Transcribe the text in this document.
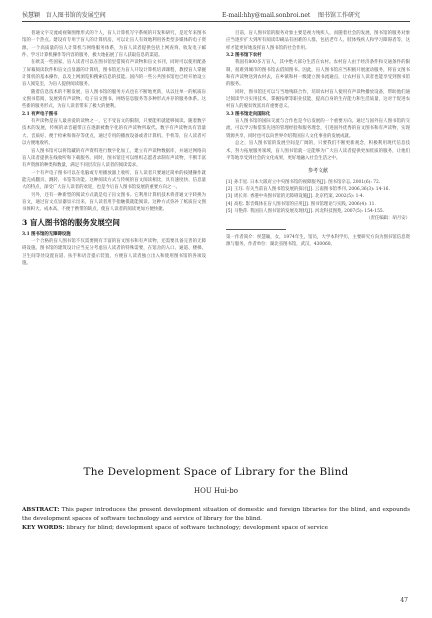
侯慧颖 盲人图书馆的发展空间	E-mail:hhy@mail.sonbroi.net 图书馆工作研究

普通文字交流或视频图像形式的个人，盲人计算机写字系统的开发和研究，是近年来图书馆的一个热点。建设有专用于盲人的计算机房，可以让盲人有效地利用各类型多媒体的电子资源。一个高质量的盲人计算机与网络服务体系，为盲人读者提供包括上网查询、收发电子邮件、学习计算机操作等内容的服务，极大地拓展了盲人获取信息的渠道。

在欧美一些国家，盲人读者可以在图书馆里借阅有声读物和盲文书刊，同时可以使用配备了屏幕阅读软件和盲文点显器的计算机，图书馆还为盲人开设计算机培训课程，教授盲人掌握计算机的基本操作，以及上网浏览和搜索信息的技能。国内的一些公共图书馆也已经开始设立盲人阅览室，为盲人提供阅读服务。

随着信息技术的不断发展，盲人图书馆的服务方式也在不断地更新，从以往单一的纸质盲文图书借阅，发展到有声读物、电子盲文图书、网络信息服务等多种形式并存的服务体系。这些新的服务形式，为盲人读者带来了极大的便利。

2.1 有声电子图书

有声读物是盲人最喜爱的读物之一，它不受盲文的限制，只要能听就能够阅读。随着数字技术的发展，传统的录音磁带正在逐渐被数字化的有声读物所取代。数字有声读物具有容量大、音质好、便于检索和保存等优点，通过专用的播放设备或者计算机、手机等，盲人读者可以方便地收听。

盲人图书馆可以将馆藏的有声资料进行数字化加工，建立有声读物数据库，并通过网络向盲人读者提供在线收听和下载服务。同时，图书馆还可以组织志愿者录制有声读物，不断丰富有声资源的种类和数量，满足不同层次盲人读者的阅读需求。

一个有声电子图书可以在电脑或专用播放器上收听，盲人读者只要通过简单的按键操作就能完成翻页、跳转、书签等功能。这种阅读方式与传统的盲文阅读相比，具有速度快、信息量大的特点，深受广大盲人读者的欢迎，也是今后盲人图书馆发展的重要方向之一。

另外，还有一种新型的阅读方式就是电子盲文图书。它利用计算机技术将普通文字转换为盲文，通过盲文点显器显示出来，盲人读者用手指触摸就能阅读。这种方式弥补了纸质盲文图书体积大、成本高、不便于携带的缺点，使盲人读者的阅读更加方便快捷。

3 盲人图书馆的服务发展空间

3.1 图书馆的无障碍设施

一个合格的盲人图书馆不仅需要拥有丰富的盲文图书和有声读物，还需要具备完善的无障碍设施。图书馆的建筑设计应当充分考虑盲人读者的特殊需要，在馆舍的入口、通道、楼梯、卫生间等处设置盲道、扶手和语音提示装置，方便盲人读者独立出入和使用图书馆的各项设施。

目前，盲人图书馆的服务对象主要是视力残疾人，而随着社会的发展，图书馆的服务对象应当逐步扩大到所有阅读印刷品有困难的人群，包括老年人、肢体残疾人和学习障碍者等，这样才能更好地发挥盲人图书馆的社会作用。

3.2 图书馆下农村

我国有800多万盲人，其中绝大部分生活在农村。农村盲人由于经济条件和交通条件的限制，很难到城市的图书馆去借阅图书。因此，盲人图书馆应当积极开展流动服务，将盲文图书和有声读物送到农村去，在乡镇和村一级建立图书流通点，让农村盲人读者也能享受到图书馆的服务。

同时，图书馆还可以与当地残联合作，培训农村盲人使用有声读物播放设备，帮助他们通过阅读学习实用技术，掌握按摩等职业技能，提高自身的生存能力和生活质量，这对于促进农村盲人的脱贫致富具有重要意义。

3.3 图书馆走向国际化

盲人图书馆的国际交流与合作也是今后发展的一个重要方向。通过与国外盲人图书馆的交流，可以学习和借鉴先进的管理经验和服务理念，引进国外优秀的盲文图书和有声读物，实现资源共享，同时也可以向世界介绍我国盲人文化事业的发展成就。

总之，盲人图书馆的发展空间是广阔的，只要我们不断更新观念，积极利用现代信息技术，努力拓展服务领域，盲人图书馆就一定能够为广大盲人读者提供更加优质的服务，让他们平等地享受到社会的文化成果，更好地融入社会生活之中。

参考文献

[1] 孙丰星. 日本大阪府立中央图书馆的视障服务[J]. 图书馆杂志, 2001(6): 72.

[2] 王珏. 有关当前盲人图书馆发展的探讨[J]. 云南图书馆季刊, 2006,36(3): 14-16.

[3] 周长青. 香港中央图书馆的无障碍设施[J]. 北京档案, 2002(5): 1-4.

[4] 高松. 影音媒体在盲人图书馆的应用[J]. 图书馆理论与实践, 2006(4): 11.

[5] 马艳萍. 我国盲人图书馆的发展及现状[J]. 河北科技图苑, 2007(5): 154-155.

（责任编辑：胡月安）

第一作者简介：侯慧颖，女，1974年生，馆员，大学本科学历，主要研究方向为图书馆信息资源与服务。作者单位：湖北省图书馆，武汉，430060。

The Development Space of Library for the Blind
HOU Hui-bo
ABSTRACT: This paper introduces the present development situation of domestic and foreign libraries for the blind, and expounds the development spaces of software technology and service of library for the blind.
KEY WORDS: library for blind; development space of software technology; development space of service
47
